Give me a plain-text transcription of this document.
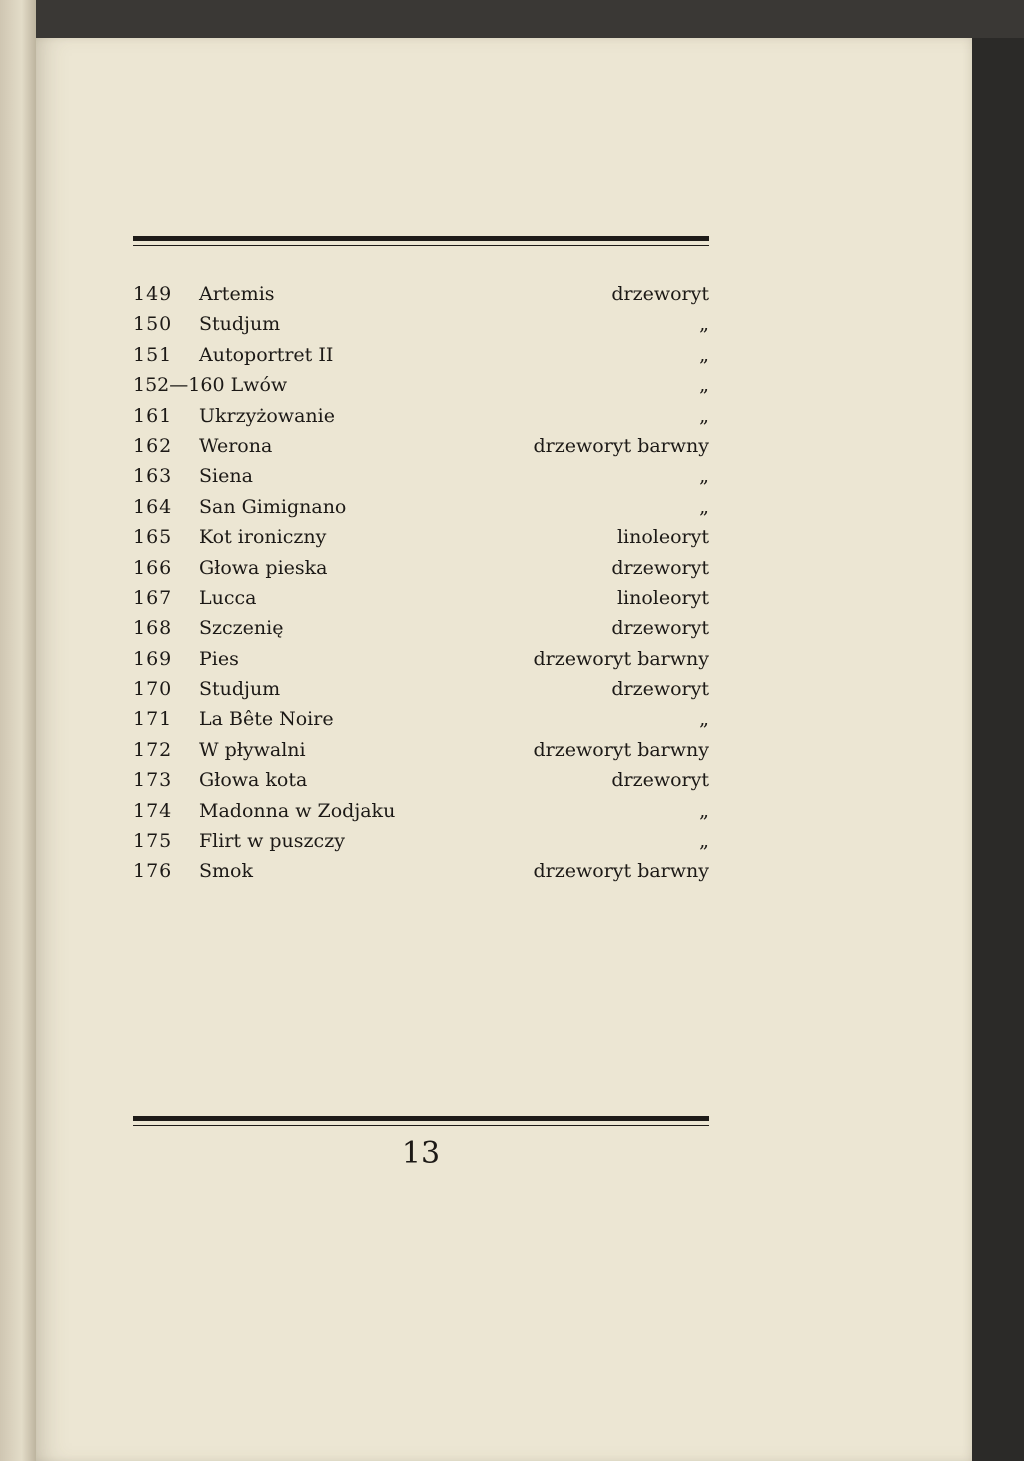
149 Artemis	drzeworyt
150 Studjum	„
151 Autoportret II	„
152—160 Lwów	„
161 Ukrzyżowanie	„
162 Werona	drzeworyt barwny
163 Siena	„
164 San Gimignano	„
165 Kot ironiczny	linoleoryt
166 Głowa pieska	drzeworyt
167 Lucca	linoleoryt
168 Szczenię	drzeworyt
169 Pies	drzeworyt barwny
170 Studjum	drzeworyt
171 La Bête Noire	„
172 W pływalni	drzeworyt barwny
173 Głowa kota	drzeworyt
174 Madonna w Zodjaku	„
175 Flirt w puszczy	„
176 Smok	drzeworyt barwny
13
